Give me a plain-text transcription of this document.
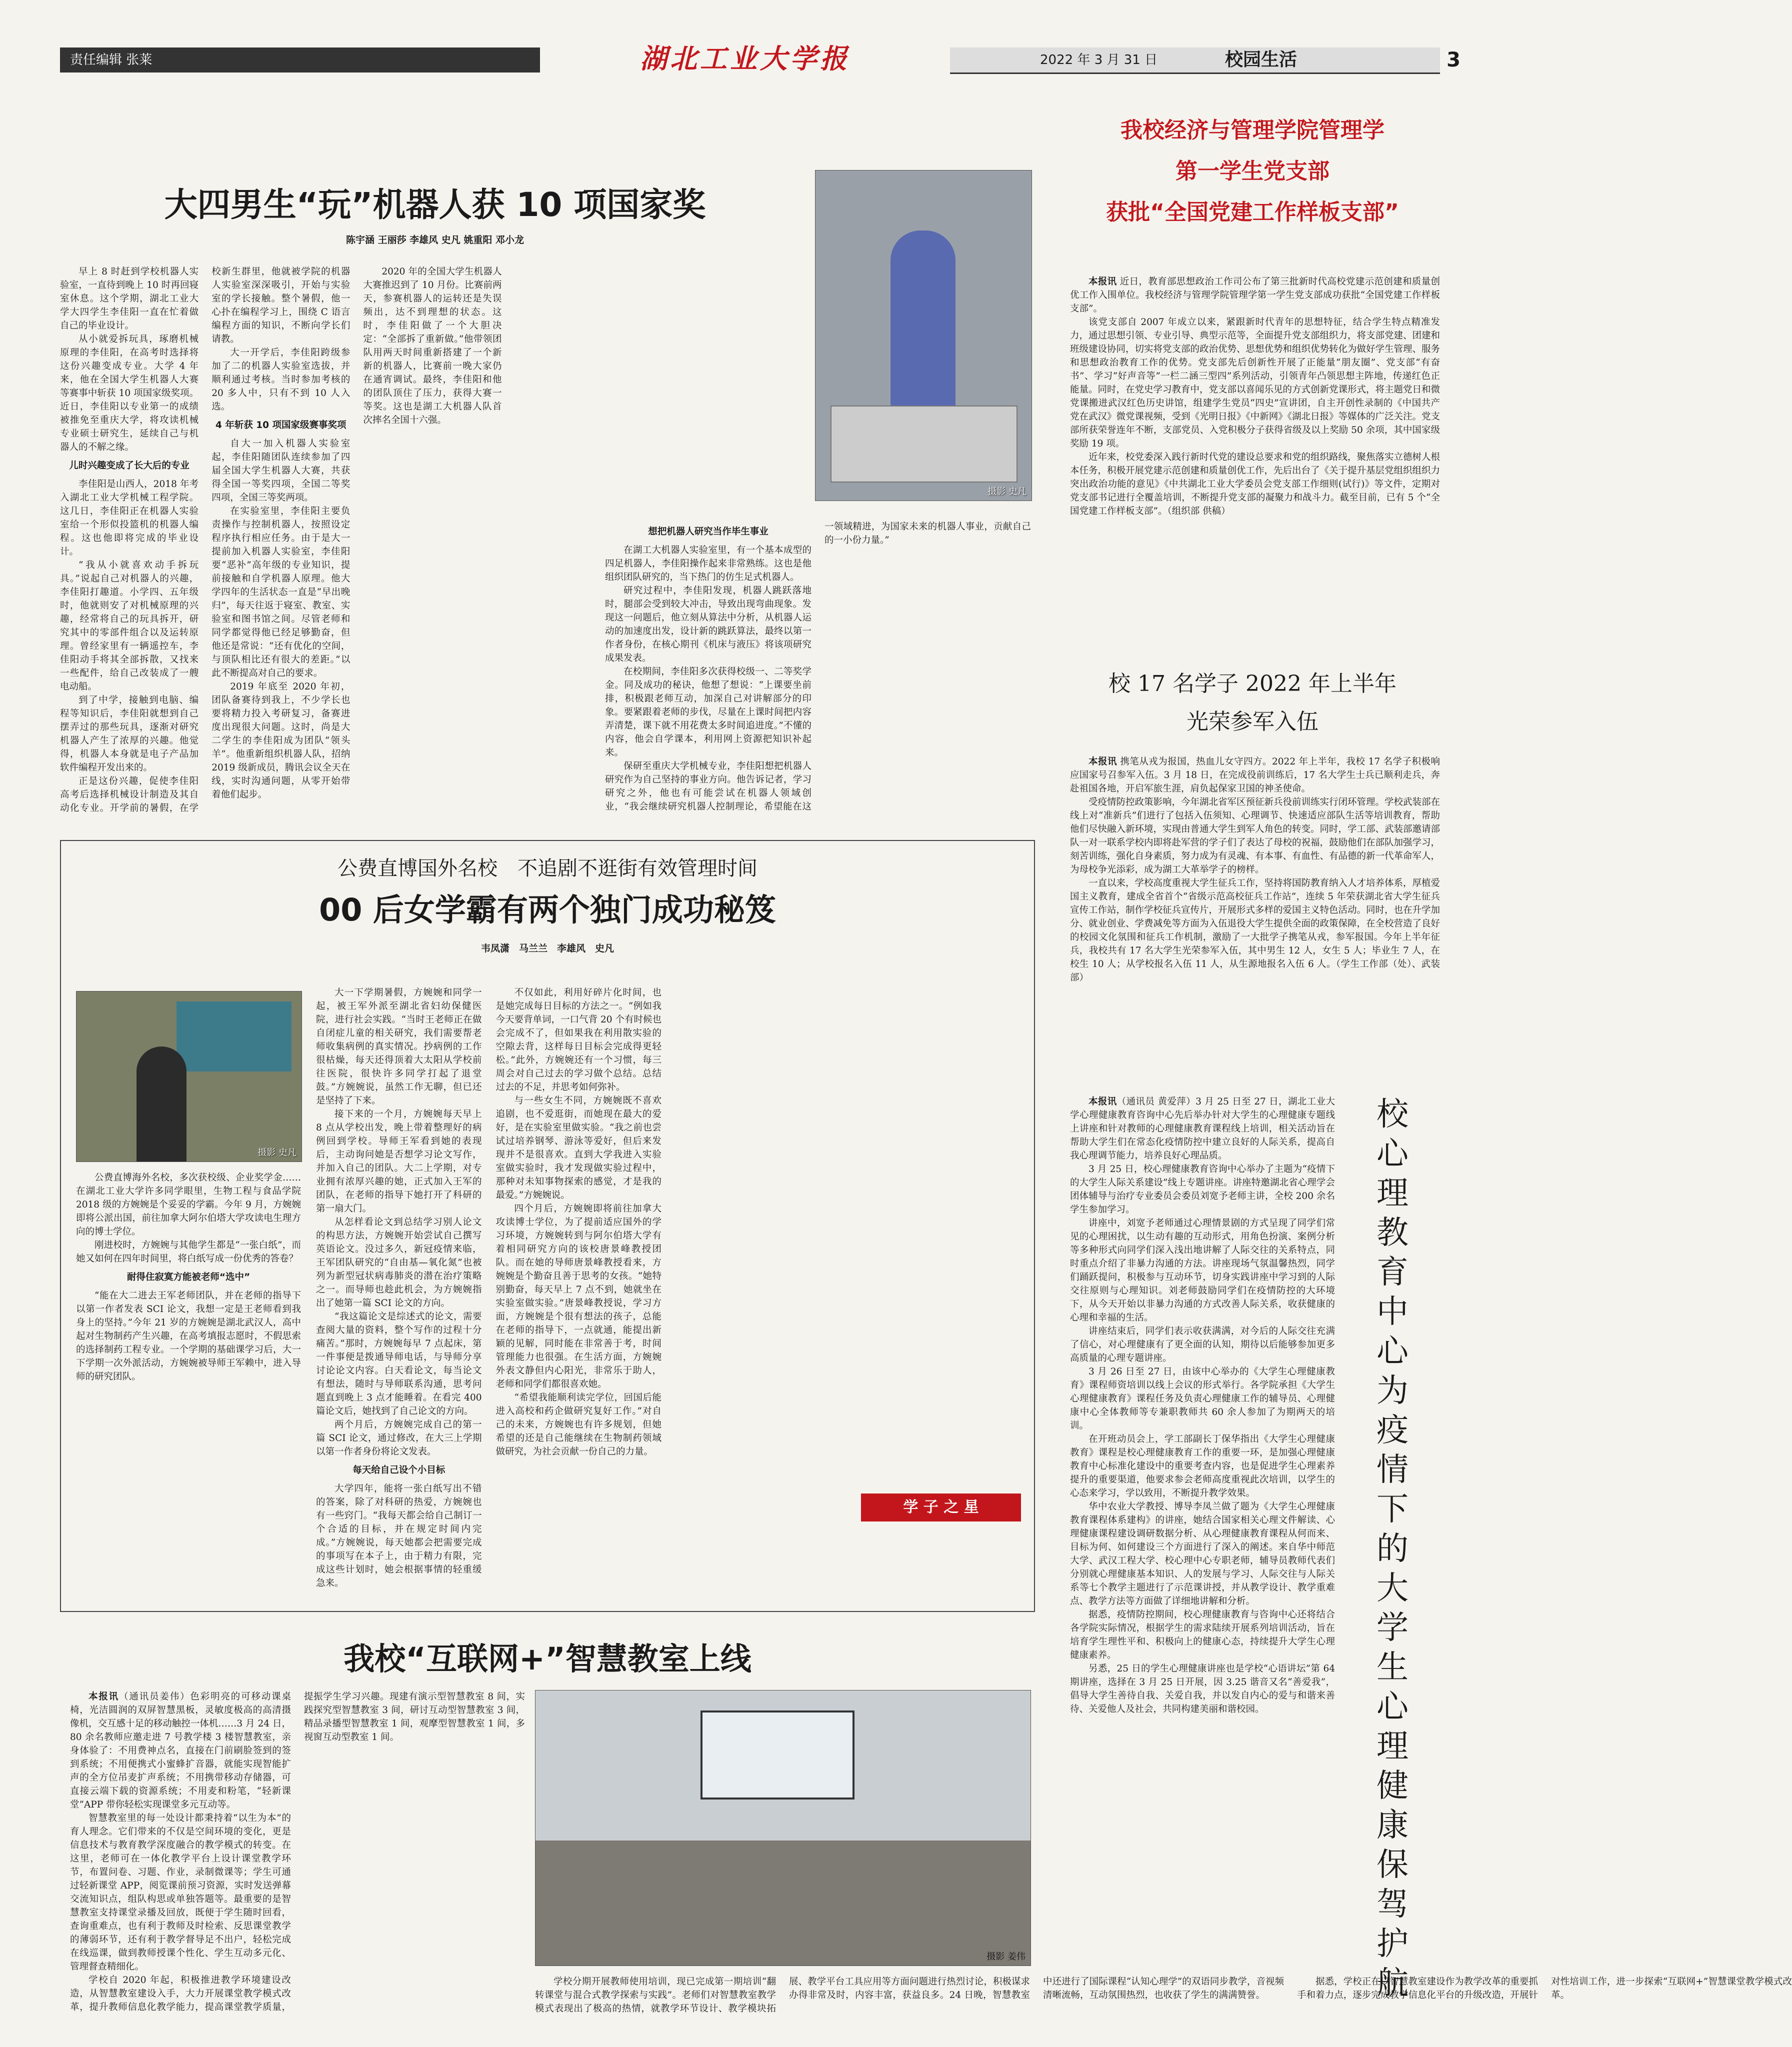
责任编辑 张莱	湖北工业大学报	2022 年 3 月 31 日	校园生活	3
大四男生“玩”机器人获 10 项国家奖
陈宇涵 王丽莎 李雄风 史凡 姚重阳 邓小龙
摄影 史凡

早上 8 时赶到学校机器人实验室，一直待到晚上 10 时再回寝室休息。这个学期，湖北工业大学大四学生李佳阳一直在忙着做自己的毕业设计。

从小就爱拆玩具，琢磨机械原理的李佳阳，在高考时选择将这份兴趣变成专业。大学 4 年来，他在全国大学生机器人大赛等赛事中斩获 10 项国家级奖项。近日，李佳阳以专业第一的成绩被推免至重庆大学，将攻读机械专业硕士研究生，延续自己与机器人的不解之缘。

儿时兴趣变成了长大后的专业

李佳阳是山西人，2018 年考入湖北工业大学机械工程学院。这几日，李佳阳正在机器人实验室给一个形似投篮机的机器人编程。这也他即将完成的毕业设计。

“我从小就喜欢动手拆玩具。”说起自己对机器人的兴趣，李佳阳打趣道。小学四、五年级时，他就则安了对机械原理的兴趣，经常将自己的玩具拆开，研究其中的零部件组合以及运转原理。曾经家里有一辆遥控车，李佳阳动手将其全部拆散，又找来一些配件，给自己改装成了一艘电动船。

到了中学，接触到电脑、编程等知识后，李佳阳就想到自己摆弄过的那些玩具，逐渐对研究机器人产生了浓厚的兴趣。他觉得，机器人本身就是电子产品加软件编程开发出来的。

正是这份兴趣，促使李佳阳高考后选择机械设计制造及其自动化专业。开学前的暑假，在学校新生群里，他就被学院的机器人实验室深深吸引，开始与实验室的学长接触。整个暑假，他一心扑在编程学习上，围绕 C 语言编程方面的知识，不断向学长们请教。

大一开学后，李佳阳跨级参加了二的机器人实验室选拔，并顺利通过考核。当时参加考核的 20 多人中，只有不到 10 人入选。

4 年斩获 10 项国家级赛事奖项

自大一加入机器人实验室起，李佳阳随团队连续参加了四届全国大学生机器人大赛，共获得全国一等奖四项，全国二等奖四项，全国三等奖两项。

在实验室里，李佳阳主要负责操作与控制机器人，按照设定程序执行相应任务。由于是大一提前加入机器人实验室，李佳阳要“恶补”高年级的专业知识，提前接触和自学机器人原理。他大学四年的生活状态一直是“早出晚归”，每天往返于寝室、教室、实验室和图书馆之间。尽管老师和同学都觉得他已经足够勤奋，但他还是常说：“还有优化的空间，与顶队相比还有很大的差距。”以此不断提高对自己的要求。

2019 年底至 2020 年初，团队备赛待到我上，不少学长也要将精力投入考研复习，备赛进度出现很大问题。这时，尚是大二学生的李佳阳成为团队“领头羊”。他重新组织机器人队，招纳 2019 级新成员，腾讯会议全天在线，实时沟通问题，从零开始带着他们起步。

2020 年的全国大学生机器人大赛推迟到了 10 月份。比赛前两天，参赛机器人的运转还是失误频出，达不到理想的状态。这时，李佳阳做了一个大胆决定：“全部拆了重新做。”他带领团队用两天时间重新搭建了一个新新的机器人，比赛前一晚大家仍在通宵调试。最终，李佳阳和他的团队顶住了压力，获得大赛一等奖。这也是湖工大机器人队首次摔名全国十六强。

想把机器人研究当作毕生事业

在湖工大机器人实验室里，有一个基本成型的四足机器人，李佳阳操作起来非常熟练。这也是他组织团队研究的，当下热门的仿生足式机器人。

研究过程中，李佳阳发现，机器人跳跃落地时，腿部会受到较大冲击，导致出现弯曲现象。发现这一问题后，他立刻从算法中分析，从机器人运动的加速度出发，设计新的跳跃算法，最终以第一作者身份，在核心期刊《机床与液压》将该项研究成果发表。

在校期间，李佳阳多次获得校级一、二等奖学金。同及成功的秘诀，他想了想说：“上课要坐前排，积极跟老师互动，加深自己对讲解部分的印象。要紧跟着老师的步伐，尽量在上课时间把内容弄清楚，课下就不用花费太多时间追进度。”不懂的内容，他会自学课本，利用网上资源把知识补起来。

保研至重庆大学机械专业，李佳阳想把机器人研究作为自己坚持的事业方向。他告诉记者，学习研究之外，他也有可能尝试在机器人领域创业，“我会继续研究机器人控制理论，希望能在这一领域精进，为国家未来的机器人事业，贡献自己的一小份力量。”

公费直博国外名校　不追剧不逛街有效管理时间
00 后女学霸有两个独门成功秘笈
韦凤潇　马兰兰　李雄风　史凡
摄影 史凡

公费直博海外名校，多次获校级、企业奖学金……在湖北工业大学许多同学眼里，生物工程与食品学院 2018 级的方婉婉是个妥妥的学霸。今年 9 月，方婉婉即将公派出国，前往加拿大阿尔伯塔大学攻读电生理方向的博士学位。

刚进校时，方婉婉与其他学生都是“一张白纸”，而她又如何在四年时间里，将白纸写成一份优秀的答卷？

耐得住寂寞方能被老师“选中”

“能在大二进去王军老师团队，并在老师的指导下以第一作者发表 SCI 论文，我想一定是王老师看到我身上的坚持。”今年 21 岁的方婉婉是湖北武汉人，高中起对生物制药产生兴趣，在高考填报志愿时，不假思索的选择制药工程专业。一个学期的基础课学习后，大一下学期一次外派活动，方婉婉被导师王军赖中，进入导师的研究团队。

大一下学期暑假，方婉婉和同学一起，被王军外派至湖北省妇幼保健医院，进行社会实践。“当时王老师正在做自闭症儿童的相关研究，我们需要帮老师收集病例的真实情况。抄病例的工作很枯燥，每天还得顶着大太阳从学校前往医院，很快许多同学打起了退堂鼓。”方婉婉说，虽然工作无聊，但已还是坚持了下来。

接下来的一个月，方婉婉每天早上 8 点从学校出发，晚上带着整理好的病例回到学校。导师王军看到她的表现后，主动询问她是否想学习论文写作，并加入自己的团队。大二上学期，对专业拥有浓厚兴趣的她，正式加入王军的团队，在老师的指导下她打开了科研的第一扇大门。

从怎样看论文到总结学习别人论文的构思方法，方婉婉开始尝试自己撰写英语论文。没过多久，新冠疫情来临，王军团队研究的“自由基—氧化氮”也被列为新型冠状病毒肺炎的潜在治疗策略之一。而导师也趁此机会，为方婉婉指出了她第一篇 SCI 论文的方向。

“我这篇论文是综述式的论文，需要查阅大量的资料，整个写作的过程十分痛苦。”那时，方婉婉每早 7 点起床，第一件事便是拨通导师电话，与导师分享讨论论文内容。白天看论文，每当论文有想法，随时与导师联系沟通，思考问题直到晚上 3 点才能睡着。在看完 400 篇论文后，她找到了自己论文的方向。

两个月后，方婉婉完成自己的第一篇 SCI 论文，通过修改，在大三上学期以第一作者身份将论文发表。

每天给自己设个小目标

大学四年，能将一张白纸写出不错的答案，除了对科研的热爱，方婉婉也有一些窍门。“我每天都会给自己制订一个合适的目标，并在规定时间内完成。”方婉婉说，每天她都会把需要完成的事项写在本子上，由于精力有限，完成这些计划时，她会根据事情的轻重缓急来。

不仅如此，利用好碎片化时间，也是她完成每日目标的方法之一。“例如我今天要背单词，一口气背 20 个有时候也会完成不了，但如果我在利用散实验的空隙去背，这样每日目标会完成得更轻松。”此外，方婉婉还有一个习惯，每三周会对自己过去的学习做个总结。总结过去的不足，并思考如何弥补。

与一些女生不同，方婉婉既不喜欢追剧，也不爱逛街，而她现在最大的爱好，是在实验室里做实验。“我之前也尝试过培养钢琴、游泳等爱好，但后来发现并不是很喜欢。直到大学我进入实验室做实验时，我才发现做实验过程中，那种对未知事物探索的感觉，才是我的最爱。”方婉婉说。

四个月后，方婉婉即将前往加拿大攻读博士学位，为了提前适应国外的学习环境，方婉婉转到与阿尔伯塔大学有着相同研究方向的该校唐景峰教授团队。而在她的导师唐景峰教授看来，方婉婉是个勤奋且善于思考的女孩。“她特别勤奋，每天早上 7 点不到，她就坐在实验室做实验。”唐景峰教授说，学习方面，方婉婉是个很有想法的孩子，总能在老师的指导下，一点就通，能提出新颖的见解，同时能在非常善于考，时间管理能力也很强。在生活方面，方婉婉外表文静但内心阳光，非常乐于助人，老师和同学们都很喜欢她。

“希望我能顺利读完学位，回国后能进入高校和药企做研究复好工作。”对自己的未来，方婉婉也有许多规划，但她希望的还是自己能继续在生物制药领域做研究，为社会贡献一份自己的力量。

学 子 之 星
我校“互联网+”智慧教室上线
摄影 姜伟

本报讯（通讯员姜伟）色彩明亮的可移动课桌椅，光洁圆润的双屏智慧黑板，灵敏度极高的高清摄像机，交互感十足的移动触控一体机……3 月 24 日，80 余名教师应邀走进 7 号教学楼 3 楼智慧教室，亲身体验了：不用费神点名，直接在门前刷脸签到的签到系统；不用便携式小蜜蜂扩音器，就能实现智能扩声的全方位吊麦扩声系统；不用携带移动存储器，可直接云端下载的资源系统；不用麦和粉笔，“轻新课堂”APP 带你轻松实现课堂多元互动等。

智慧教室里的每一处设计都秉持着“以生为本”的育人理念。它们带来的不仅是空间环境的变化，更是信息技术与教育教学深度融合的教学模式的转变。在这里，老师可在一体化教学平台上设计课堂教学环节，布置问卷、习题、作业，录制微课等；学生可通过轻新课堂 APP，阅览课前预习资源，实时发送弹幕交流知识点，组队构思或单独答题等。最重要的是智慧教室支持课堂录播及回放，既便于学生随时回看，查询重难点，也有利于教师及时检索、反思课堂教学的薄弱环节，还有利于教学督导足不出户，轻松完成在线巡课，做到教师授课个性化、学生互动多元化、管理督查精细化。

学校自 2020 年起，积极推进教学环境建设改造，从智慧教室建设入手，大力开展课堂教学模式改革，提升教师信息化教学能力，提高课堂教学质量，提振学生学习兴趣。现建有演示型智慧教室 8 间，实践探究型智慧教室 3 间，研讨互动型智慧教室 3 间，精品录播型智慧教室 1 间，观摩型智慧教室 1 间，多视窗互动型教室 1 间。

学校分期开展教师使用培训，现已完成第一期培训“翻转课堂与混合式教学探索与实践”。老师们对智慧教室教学模式表现出了极高的热情，就教学环节设计、教学模块拓展、教学平台工具应用等方面问题进行热烈讨论，积极谋求办得非常及时，内容丰富，获益良多。24 日晚，智慧教室中还进行了国际课程“认知心理学”的双语同步教学，音视频清晰流畅，互动氛围热烈，也收获了学生的满满赞誉。

据悉，学校正在以智慧教室建设作为教学改革的重要抓手和着力点，逐步完成教学信息化平台的升级改造，开展针对性培训工作，进一步探索“互联网+”智慧课堂教学模式改革。

我校经济与管理学院管理学
第一学生党支部
获批“全国党建工作样板支部”

本报讯 近日，教育部思想政治工作司公布了第三批新时代高校党建示范创建和质量创优工作入围单位。我校经济与管理学院管理学第一学生党支部成功获批“全国党建工作样板支部”。

该党支部自 2007 年成立以来，紧跟新时代青年的思想特征，结合学生特点精准发力，通过思想引领、专业引导、典型示范等，全面提升党支部组织力，将支部党建、团建和班级建设协同，切实将党支部的政治优势、思想优势和组织优势转化为做好学生管理、服务和思想政治教育工作的优势。党支部先后创新性开展了正能量“朋友圈”、党支部“有奋书”、学习“好声音等”一栏二涵三型四”系列活动，引领青年凸领思想主阵地，传递红色正能量。同时，在党史学习教育中，党支部以喜闻乐见的方式创新党课形式，将主题党日和微党课搬进武汉红色历史讲馆，组建学生党员“四史”宣讲团，自主开创性录制的《中国共产党在武汉》微党课视频，受到《光明日报》《中新网》《湖北日报》等媒体的广泛关注。党支部所获荣誉连年不断，支部党员、入党积极分子获得省级及以上奖励 50 余项，其中国家级奖励 19 项。

近年来，校党委深入践行新时代党的建设总要求和党的组织路线，聚焦落实立德树人根本任务，积极开展党建示范创建和质量创优工作，先后出台了《关于提升基层党组织组织力突出政治功能的意见》《中共湖北工业大学委员会党支部工作细则(试行)》等文件，定期对党支部书记进行全覆盖培训，不断提升党支部的凝聚力和战斗力。截至目前，已有 5 个“全国党建工作样板支部”。（组织部 供稿）

校 17 名学子 2022 年上半年
光荣参军入伍

本报讯 携笔从戎为报国，热血儿女守四方。2022 年上半年，我校 17 名学子积极响应国家号召参军入伍。3 月 18 日，在完成役前训练后，17 名大学生士兵已顺利走兵，奔赴祖国各地，开启军旅生涯，肩负起保家卫国的神圣使命。

受疫情防控政策影响，今年湖北省军区预征新兵役前训练实行闭环管理。学校武装部在线上对“准新兵”们进行了包括入伍须知、心理调节、快速适应部队生活等培训教育，帮助他们尽快融入新环境，实现由普通大学生到军人角色的转变。同时，学工部、武装部邀请部队一对一联系学校内即将赴军营的学子们了表达了母校的祝福，鼓励他们在部队加强学习，刻苦训练，强化自身素质，努力成为有灵魂、有本事、有血性、有品德的新一代革命军人，为母校争光添彩，成为湖工大革举学子的榜样。

一直以来，学校高度重视大学生征兵工作，坚持将国防教育纳入人才培养体系，厚植爱国主义教育，建成全省首个“省级示范高校征兵工作站”，连续 5 年荣获湖北省大学生征兵宣传工作站，制作学校征兵宣传片，开展形式多样的爱国主义特色活动。同时，也在升学加分、就业创业、学费减免等方面为入伍退役大学生提供全面的政策保障，在全校营造了良好的校园文化氛围和征兵工作机制，激励了一大批学子携笔从戎，参军报国。今年上半年征兵，我校共有 17 名大学生光荣参军入伍，其中男生 12 人，女生 5 人；毕业生 7 人，在校生 10 人；从学校报名入伍 11 人，从生源地报名入伍 6 人。（学生工作部（处）、武装部）

本报讯（通讯员 黄爱萍）3 月 25 日至 27 日，湖北工业大学心理健康教育咨询中心先后举办针对大学生的心理健康专题线上讲座和针对教师的心理健康教育课程线上培训，相关活动旨在帮助大学生们在常态化疫情防控中建立良好的人际关系，提高自我心理调节能力，培养良好心理品质。

3 月 25 日，校心理健康教育咨询中心举办了主题为“疫情下的大学生人际关系建设”线上专题讲座。讲座特邀湖北省心理学会团体辅导与治疗专业委员会委员刘宽予老师主讲，全校 200 余名学生参加学习。

讲座中，刘宽予老师通过心理情景剧的方式呈现了同学们常见的心理困扰，以生动有趣的互动形式，用角色扮演、案例分析等多种形式向同学们深入浅出地讲解了人际交往的关系特点，同时重点介绍了非暴力沟通的方法。讲座现场气氛温馨热烈，同学们踊跃提问，积极参与互动环节，切身实践讲座中学习到的人际交往原则与心理知识。刘老师鼓励同学们在疫情防控的大环境下，从今天开始以非暴力沟通的方式改善人际关系，收获健康的心理和幸福的生活。

讲座结束后，同学们表示收获满满，对今后的人际交往充满了信心，对心理健康有了更全面的认知，期待以后能够参加更多高质量的心理专题讲座。

3 月 26 日至 27 日，由该中心举办的《大学生心理健康教育》课程师资培训以线上会议的形式举行。各学院承担《大学生心理健康教育》课程任务及负责心理健康工作的辅导员、心理健康中心全体教师等专兼职教师共 60 余人参加了为期两天的培训。

在开班动员会上，学工部副长丁保华指出《大学生心理健康教育》课程是校心理健康教育工作的重要一环，是加强心理健康教育中心标准化建设中的重要考查内容，也是促进学生心理素养提升的重要渠道，他要求参会老师高度重视此次培训，以学生的心态来学习，学以致用，不断提升教学效果。

华中农业大学教授、博导李凤兰做了题为《大学生心理健康教育课程体系建构》的讲座，她结合国家相关心理文件解读、心理健康课程建设调研数据分析、从心理健康教育课程从何而来、目标为何、如何建设三个方面进行了深入的阐述。来自华中师范大学、武汉工程大学、校心理中心专职老师，辅导员教师代表们分别就心理健康基本知识、人的发展与学习、人际交往与人际关系等七个教学主题进行了示范课讲授，并从教学设计、教学重难点、教学方法等方面做了详细地讲解和分析。

据悉，疫情防控期间，校心理健康教育与咨询中心还将结合各学院实际情况，根据学生的需求陆续开展系列培训活动，旨在培育学生理性平和、积极向上的健康心态，持续提升大学生心理健康素养。

另悉，25 日的学生心理健康讲座也是学校“心语讲坛”第 64 期讲座，选择在 3 月 25 日开展，因 3.25 谐音又名“善爱我”，倡导大学生善待自我、关爱自我，并以发自内心的爱与和谐来善待、关爱他人及社会，共同构建美丽和谐校园。

校
心
理
教
育
中
心
为
疫
情
下
的
大
学
生
心
理
健
康
保
驾
护
航
